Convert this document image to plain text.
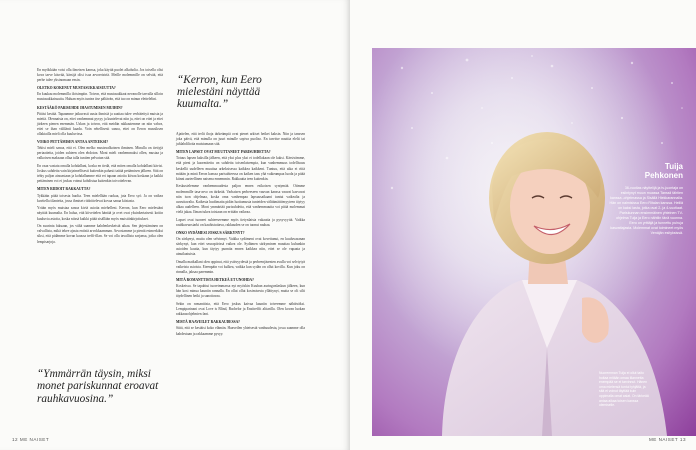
En myökkään voisi olla ilmeisen kanssa, joka käyttä puolet alkoholia. Jos toisella olisi kova tarve käsvää, kärsijä olisi isoa arvoeristriä. Meille molemmille on selvää, että perhe tulee yksinomaan ensin.

OLETKO KOKENUT MUSTASUKKAISUUTTA?

En kuukau molemmilla iloisimpiin. Toivon, että mustasukkaat nevanolle tarvalla silloin mustasukkaisuutta. Haluan myös tuntea itse pältävän, että tuo on minun elettelelini.

KESTÄÄKÖ PARISUHDE IHASTUMISEN MUIHIN?

Pitäisi kestää. Tapaamme jatkuvasti uusia ihmisiä ja saattaa tulee verhätettyä muista ja mietiä. Olennaista on, ettei vanhemmat pysyy ja kuntelevat niin ja, ettei on ettei ja ettei järkeen pienen enemmän. Uskon ja toivon, että meidän rakkautemme on niin vahva, ettei se ihan välilänti kaadu. Voin rehellisesti sanoa, ettei on Eeron mussiksen ollaktailla mieli olla kuuluvissa.

VOIKO PETTÄMISEN ANTAA ANTEEKSI?

Tekisi mieli sanoa, että ei. Olen melko mustavalkoinen ihminen. Minulla on tiettyjä periaatteita, joiden suhteen olen ehdoton. Moni mieli vanhemmaksi ollen, mustaa ja valkoisen maksaan ollaa talla tuntien pelvatun sitä.

En osaa vastata omalla kohdallani, koska en tiedä, että miten omalla kohdallani kävisi. Joskus suhdetta vain kirjaimellisesti kuitenkin pahasti taitää pettämisen jälkeen. Sitä on tehty paljon ainoastaan ja kohdallamme että eri tapaan asioita kiivaa koskaan ja kaikki pettäminen voi ei joskus voinut kohdistua kuitenkin toivottelevan.

MITEN RIIDOIT RAKKAUTTA?

Tykkään pitää toisesta huolta. Teen mielellään ruokaa, jota Eero syö. Ja on vaikea kuvitella tilanteita, jossa ihmiset riidoittelevat kovaa sanaa kiistasta.

Yritän myös muistaa sanoa kiviä asioita miehelleni. Kerron, kun Eero mielestäni näyttää kuumalta. En halua, että kiivettelen häntää ja ovet ovat yksinkertaisesti kotiin kuuluvia asioita, koska niissä kaikki pitää sisällään myös muistiinkirjoitukset.

On suurinta fakuaan, jos vältä saamme kahdenkeskeistä aikaa. Sen järjestäminen on valvallista, mikä tekee ajasta entistä arvokkaamman. Arvostamme ja pieniä esimerkiksi siksi, että pidämme kovan kaussa treffi-illan. Se voi olla tavallista sarjansa, jotka olen lempisarjoja.

“Kerron, kun Eero mielestäni näyttää kuumalta.”

Ajattelen, että terlit ihoja tärkeämpiä ovat pienet arkiset hetket kaksin. Niin ja tanssen joka päivä, että minulla on juuri minulle sopiva puoliso. En tarvitse nauttia elelti tai juhlahdilioita muistamaan sitä.

MITEN LAPSET OVAT MUUTTANEET PARISUHDETTA?

Totuus lapsen kaksilla jälkeen, että yksi plus yksi ei todellakaan ole kaksi. Kärsivämme, että pieni ja kuormitettu on suhdetta toisenlaisempia, kun vanhemmuus todellisuus keskellä uudelleen muuttaa arkeksisessa kaikkea kaikkeni. Tuntuu, että aika ei riitä mitään ja minä Eeron kanssa parisuhteessa on kaiken taas yhä vaikeampaa luoda ja pitää kiinni aarteellinen naisena ennemmin. Rakkautta teen kuitenkin.

Keskustelemme vanhemmuudesta paljon ennen esikoisen syntymää. Otimme molemmille tasa-arvo on tärkeää. Varhaisen perheeseen vauvan kanssa vauvat kasvavat niin ison ohjelmaa, koska oma vanhempaa lapsuusaikaani tuntui vaikealta ja uuvuttavalta. Kaikesta huolimatta pidän luottamusta tunteiden välttämättömyyteen täytyy alkaa uudelleen. Moni ymmärtää parisuhdetta, että vanhemmuutta voi pitää molemmat vielä jakaa. Ilman tukea toistaan on erittäin vaikeaa.

Lapset ovat tuoneet suhteeseemme myös tietynlaista vakautta ja pysyvyyttä. Vaikka rauhkavuosiarki on kauhistuttava, rakkauden se on tuonut rauhaa.

ONKO SYDÄMESI JOSKUS SÄRKYNYT?

On särkynyt, mutta olen selvinnyt. Vaikka sydämeni ovat kovettunut, en kuuluvasanan särkynyt, kun ettei seurapiirissä vaikea ole. Sydämen särkyminen muuttaa kuhunkin asioiden kautta, kun täytyy punnita ennen kaikkea niin, ettei se ole vapaata ja ainutlaatuista.

Omalla matkallani olen oppinut, että ystävyydestä ja perheenjäsenten avulla voi selviytyä vaikeista asioista. Eteenpäin voi kulkea, vaikka kun sydän on ollut kovilla. Kun joku on rinnalla, jaksaa paremmin.

MITÄ ROMANTTISTA HETKEÄ ET UNOHDA?

Koskeissa. Se tapahtui tuoreimmassa nyt myöskin Kuuban auringonlaskun jälkeen, kun hän kosi minua kauniin rannalla. En ollut ollut kosimisesta yllättynyt, mutta se oli silti täydellinen hetki ja sanottavaa.

Sekin on romanttista, että Eero joskus kaivaa kauniin toiveemme nähtäväksi. Lempiparinani ovat Love is Blind, Bachelor ja Ensitreffit alttarilla. Olen kovan luokan rakkausohjelmien fani.

MISTÄ HAAVEILET RAKKAUDESSA?

Siitä, että se kestäisi koko elämän. Haaveilen yhteisestä vanhuudesta, jossa saamme olla kahdestaan ja rakkaamme pysyy.

“Ymmärrän täysin, miksi monet pariskunnat eroavat rauhkavuosina.”
12 ME NAISET
Tuija
Pehkonen
36-vuotias näyttelijä ja tv-juontaja on esiintynyt muun muassa Tanssii tähtien kanssa -ohjelmassa ja Sisällä Hiekkarannalla. Hän on naimisissa Eero Ritalan kanssa. Heillä on kaksi lasta, jotka ovat 2- ja 4-vuotiaat. Pariskunnan ensimmäinen yhteinen TV-ohjelma Tuija ja Eero nähtiin tänä vuonna. Eero on yrittäjä ja tunnettu puhuja kasvattajasta. Molemmat ovat toimineet myös Venäjän esityksissä.
Nuoremman Tuija ei ollut taito hoitaa mitään omaa tilannetta enempää se ei tarvinnut. Hänen oma mielensä tuntui tyhjältä, ja sitä ei voinut täyttää kuin oppimalla omat asiat. On tärkeää antaa aikaa toisen kanssa olemiselle.
ME NAISET 13
